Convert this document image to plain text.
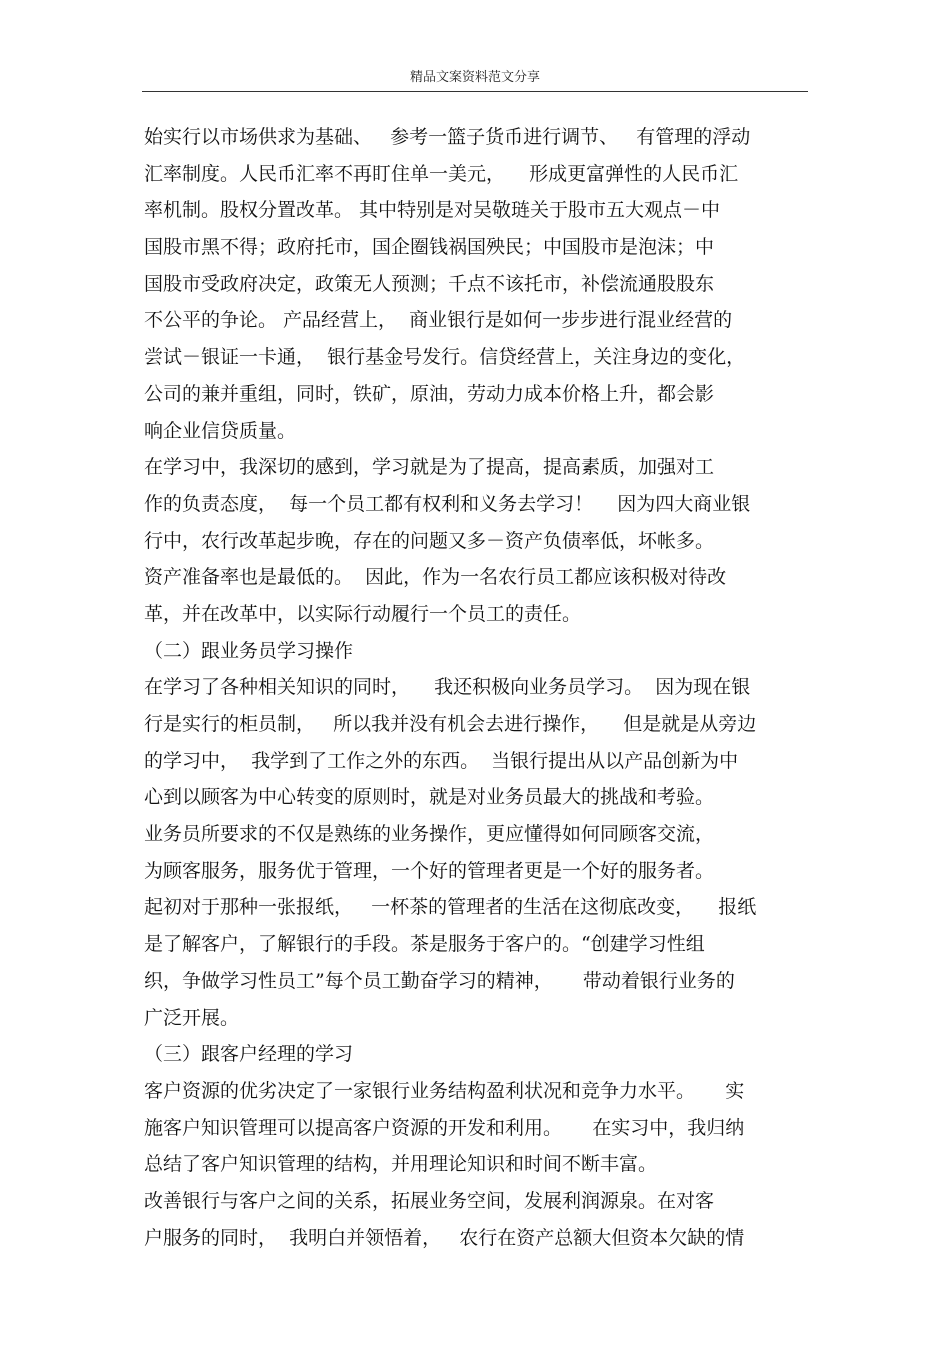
精品文案资料范文分享
始实行以市场供求为基础、   参考一篮子货币进行调节、   有管理的浮动
汇率制度。人民币汇率不再盯住单一美元，    形成更富弹性的人民币汇
率机制。股权分置改革。 其中特别是对吴敬琏关于股市五大观点－中
国股市黑不得；政府托市，国企圈钱祸国殃民；中国股市是泡沫；中
国股市受政府决定，政策无人预测；千点不该托市，补偿流通股股东
不公平的争论。 产品经营上，  商业银行是如何一步步进行混业经营的
尝试－银证一卡通，  银行基金号发行。信贷经营上，关注身边的变化，
公司的兼并重组，同时，铁矿，原油，劳动力成本价格上升，都会影
响企业信贷质量。
在学习中，我深切的感到，学习就是为了提高，提高素质，加强对工
作的负责态度，  每一个员工都有权利和义务去学习！    因为四大商业银
行中，农行改革起步晚，存在的问题又多－资产负债率低，坏帐多。
资产准备率也是最低的。  因此，作为一名农行员工都应该积极对待改
革，并在改革中，以实际行动履行一个员工的责任。
（二）跟业务员学习操作
在学习了各种相关知识的同时，    我还积极向业务员学习。  因为现在银
行是实行的柜员制，   所以我并没有机会去进行操作，    但是就是从旁边
的学习中，  我学到了工作之外的东西。  当银行提出从以产品创新为中
心到以顾客为中心转变的原则时，就是对业务员最大的挑战和考验。
业务员所要求的不仅是熟练的业务操作，更应懂得如何同顾客交流，
为顾客服务，服务优于管理，一个好的管理者更是一个好的服务者。
起初对于那种一张报纸，   一杯茶的管理者的生活在这彻底改变，    报纸
是了解客户，了解银行的手段。茶是服务于客户的。“创建学习性组
织，争做学习性员工”每个员工勤奋学习的精神，     带动着银行业务的
广泛开展。
（三）跟客户经理的学习
客户资源的优劣决定了一家银行业务结构盈利状况和竞争力水平。     实
施客户知识管理可以提高客户资源的开发和利用。     在实习中，我归纳
总结了客户知识管理的结构，并用理论知识和时间不断丰富。
改善银行与客户之间的关系，拓展业务空间，发展利润源泉。在对客
户服务的同时，  我明白并领悟着，   农行在资产总额大但资本欠缺的情
